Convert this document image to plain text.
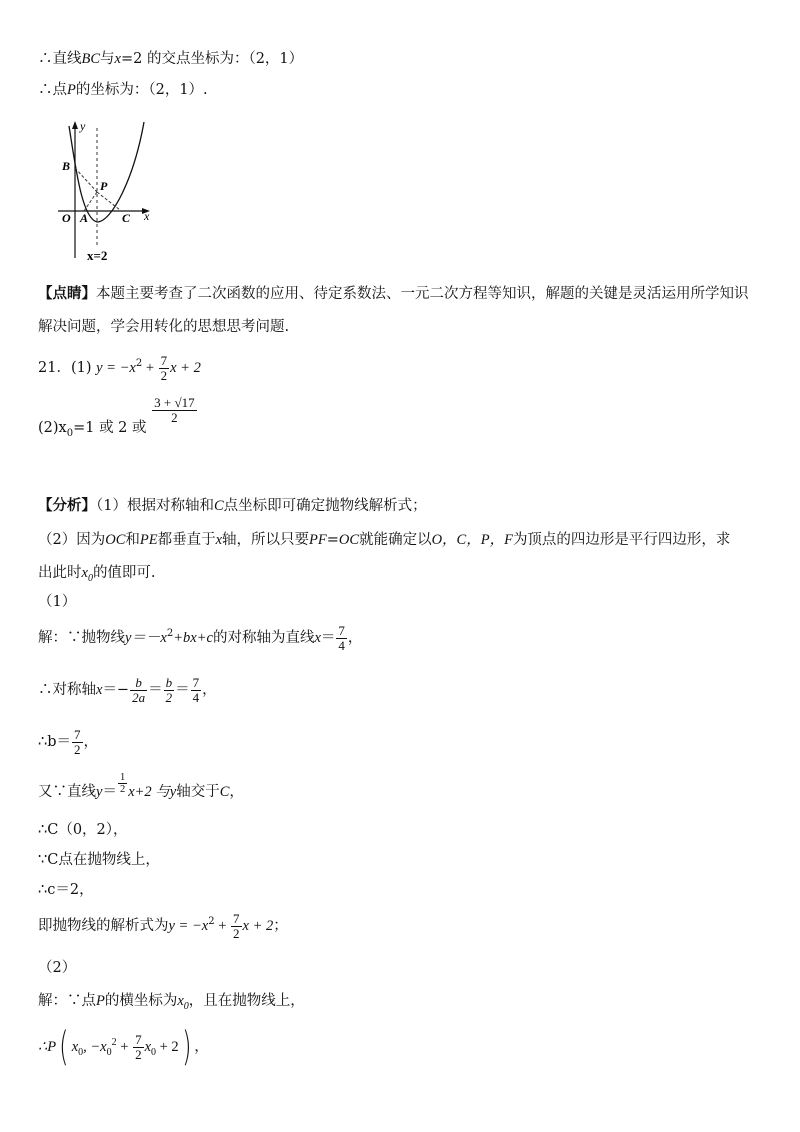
∴直线BC与x=2 的交点坐标为：（2，1）
∴点P的坐标为：（2，1）.
y
x
B
P
O A	C
x=2
【点睛】本题主要考查了二次函数的应用、待定系数法、一元二次方程等知识，解题的关键是灵活运用所学知识
解决问题，学会用转化的思想思考问题.
21．(1) $y = -x^2 + \frac{7}{2}$ x + 2
$(2)x_0=1$ 或 2 或
$\frac{3 + √17}{2}$
【分析】（1）根据对称轴和C点坐标即可确定抛物线解析式；
（2）因为OC和PE都垂直于x轴，所以只要PF=OC就能确定以O，C，P，F为顶点的四边形是平行四边形，求
出此时$x_0$的值即可.
（1）
解：∵抛物线$y=-x^2+bx+c$的对称轴为直线$x= \frac{7}{4}$ ，
∴对称轴$x=- \frac{b}{2a} = \frac{b}{2} = \frac{7}{4}$ ，
∴b＝ $\frac{7}{2}$ ，
又∵直线$y= \frac{1}{2} x+2$ 与y轴交于C，
∴C（0，2），
∵C点在抛物线上，
∴c＝2，
即抛物线的解析式为$y = -x^2 + \frac{7}{2}$ x + 2；
（2）
解：∵点P的横坐标为$x_0$，且在抛物线上，
∴P( $x_0$, $-x_0^2 + \frac{7}{2} x_0 + 2$) ，
